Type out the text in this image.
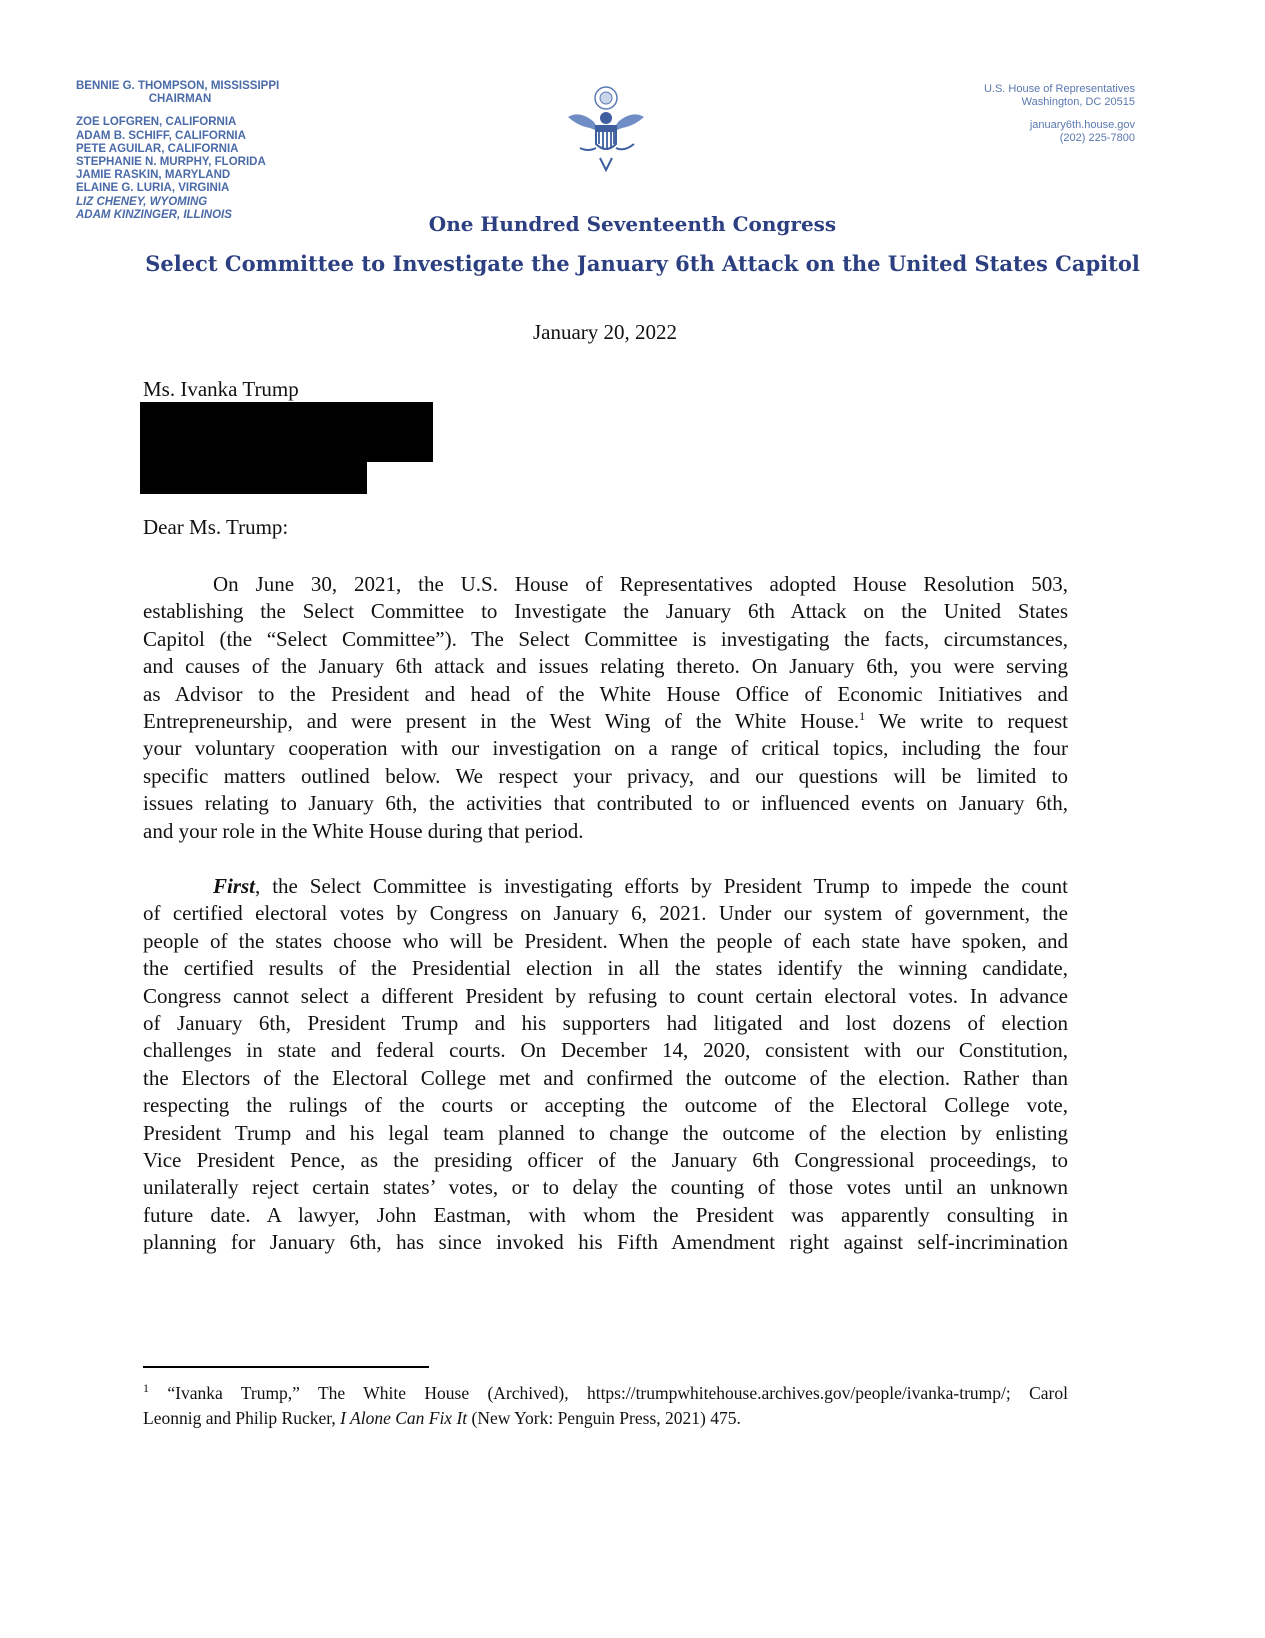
BENNIE G. THOMPSON, MISSISSIPPI
CHAIRMAN
ZOE LOFGREN, CALIFORNIA
ADAM B. SCHIFF, CALIFORNIA
PETE AGUILAR, CALIFORNIA
STEPHANIE N. MURPHY, FLORIDA
JAMIE RASKIN, MARYLAND
ELAINE G. LURIA, VIRGINIA
LIZ CHENEY, WYOMING
ADAM KINZINGER, ILLINOIS
U.S. House of Representatives
Washington, DC 20515
january6th.house.gov
(202) 225-7800
One Hundred Seventeenth Congress
Select Committee to Investigate the January 6th Attack on the United States Capitol
January 20, 2022
Ms. Ivanka Trump
Dear Ms. Trump:
On June 30, 2021, the U.S. House of Representatives adopted House Resolution 503,
establishing the Select Committee to Investigate the January 6th Attack on the United States
Capitol (the “Select Committee”). The Select Committee is investigating the facts, circumstances,
and causes of the January 6th attack and issues relating thereto. On January 6th, you were serving
as Advisor to the President and head of the White House Office of Economic Initiatives and
Entrepreneurship, and were present in the West Wing of the White House.$^1$ We write to request
your voluntary cooperation with our investigation on a range of critical topics, including the four
specific matters outlined below. We respect your privacy, and our questions will be limited to
issues relating to January 6th, the activities that contributed to or influenced events on January 6th,
and your role in the White House during that period.
First, the Select Committee is investigating efforts by President Trump to impede the count
of certified electoral votes by Congress on January 6, 2021. Under our system of government, the
people of the states choose who will be President. When the people of each state have spoken, and
the certified results of the Presidential election in all the states identify the winning candidate,
Congress cannot select a different President by refusing to count certain electoral votes. In advance
of January 6th, President Trump and his supporters had litigated and lost dozens of election
challenges in state and federal courts. On December 14, 2020, consistent with our Constitution,
the Electors of the Electoral College met and confirmed the outcome of the election. Rather than
respecting the rulings of the courts or accepting the outcome of the Electoral College vote,
President Trump and his legal team planned to change the outcome of the election by enlisting
Vice President Pence, as the presiding officer of the January 6th Congressional proceedings, to
unilaterally reject certain states’ votes, or to delay the counting of those votes until an unknown
future date. A lawyer, John Eastman, with whom the President was apparently consulting in
planning for January 6th, has since invoked his Fifth Amendment right against self-incrimination
$^1$ “Ivanka Trump,” The White House (Archived), https://trumpwhitehouse.archives.gov/people/ivanka-trump/; Carol
Leonnig and Philip Rucker, I Alone Can Fix It (New York: Penguin Press, 2021) 475.
